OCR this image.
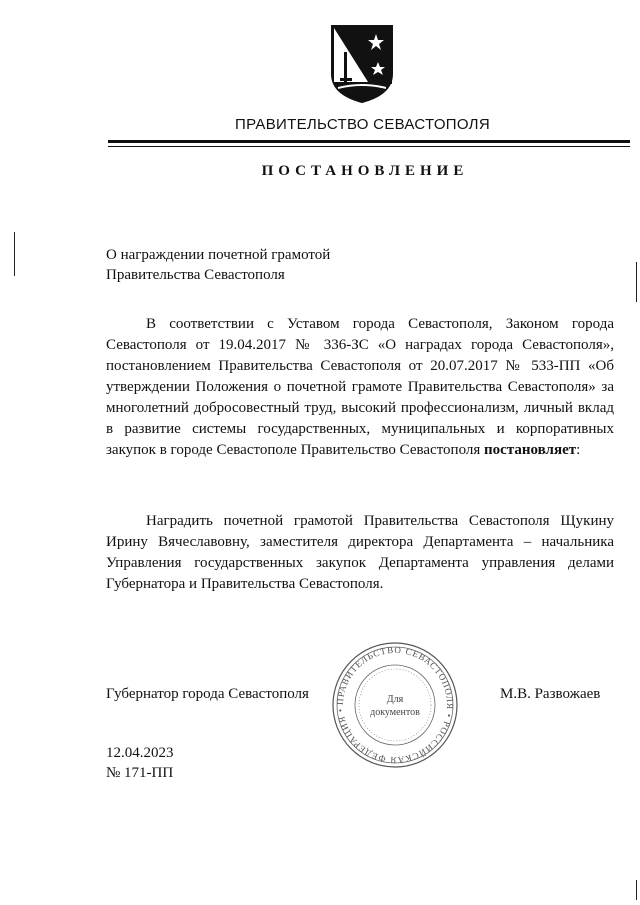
ПРАВИТЕЛЬСТВО СЕВАСТОПОЛЯ
ПОСТАНОВЛЕНИЕ
О награждении почетной грамотой
Правительства Севастополя
В соответствии с Уставом города Севастополя, Законом города Севастополя от 19.04.2017 № 336-ЗС «О наградах города Севастополя», постановлением Правительства Севастополя от 20.07.2017 № 533-ПП «Об утверждении Положения о почетной грамоте Правительства Севастополя» за многолетний добросовестный труд, высокий профессионализм, личный вклад в развитие системы государственных, муниципальных и корпоративных закупок в городе Севастополе Правительство Севастополя постановляет:
Наградить почетной грамотой Правительства Севастополя Щукину Ирину Вячеславовну, заместителя директора Департамента – начальника Управления государственных закупок Департамента управления делами Губернатора и Правительства Севастополя.
Губернатор города Севастополя	ПРАВИТЕЛЬСТВО СЕВАСТОПОЛЯ • РОССИЙСКАЯ ФЕДЕРАЦИЯ •
Для
документов
М.В. Развожаев
12.04.2023
№ 171-ПП
